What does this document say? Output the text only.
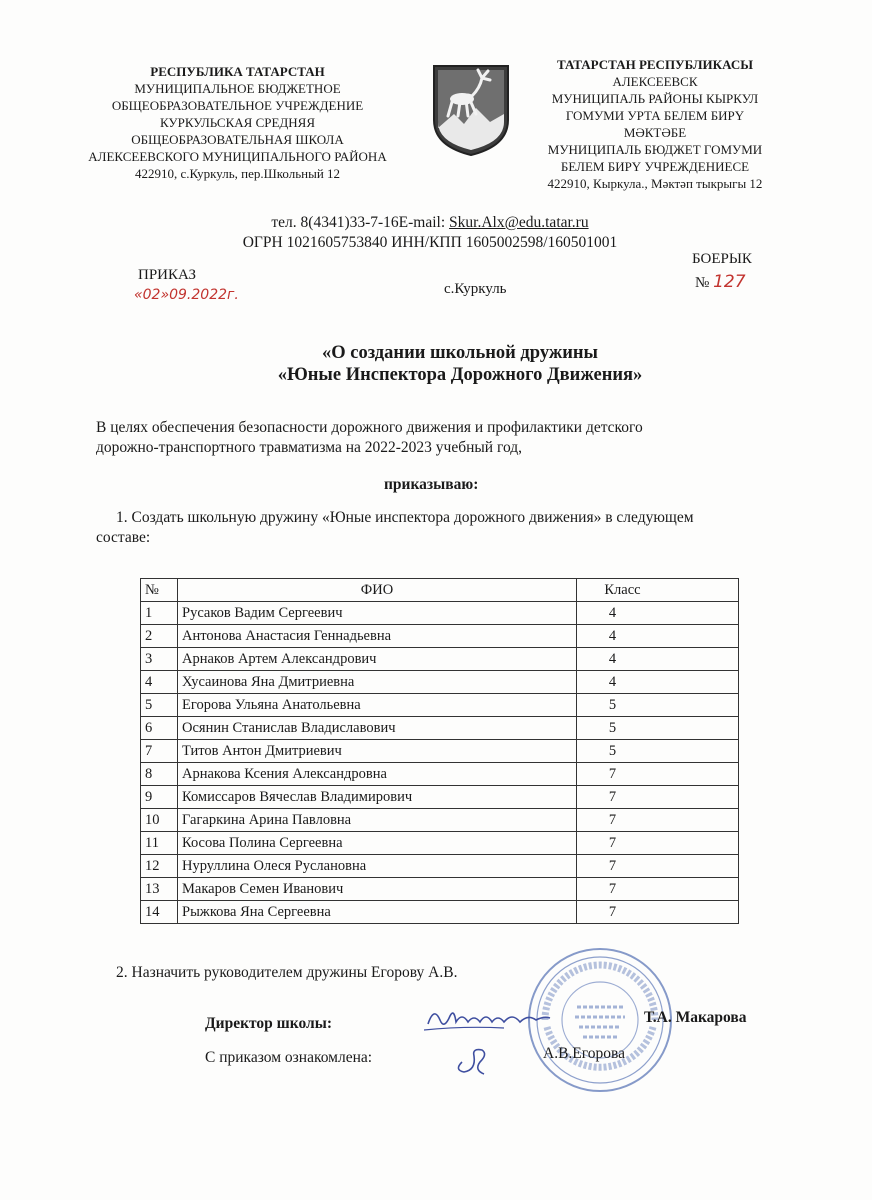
РЕСПУБЛИКА ТАТАРСТАН
МУНИЦИПАЛЬНОЕ БЮДЖЕТНОЕ
ОБЩЕОБРАЗОВАТЕЛЬНОЕ УЧРЕЖДЕНИЕ
КУРКУЛЬСКАЯ СРЕДНЯЯ
ОБЩЕОБРАЗОВАТЕЛЬНАЯ ШКОЛА
АЛЕКСЕЕВСКОГО МУНИЦИПАЛЬНОГО РАЙОНА
422910, с.Куркуль, пер.Школьный 12
ТАТАРСТАН РЕСПУБЛИКАСЫ
АЛЕКСЕЕВСК
МУНИЦИПАЛЬ РАЙОНЫ КЫРКУЛ
ГОМУМИ УРТА БЕЛЕМ БИРҮ
МӘКТӘБЕ
МУНИЦИПАЛЬ БЮДЖЕТ ГОМУМИ
БЕЛЕМ БИРҮ УЧРЕЖДЕНИЕСЕ
422910, Кыркула., Мәктәп тыкрыгы 12
тел. 8(4341)33-7-16E-mail: Skur.Alx@edu.tatar.ru
ОГРН 1021605753840 ИНН/КПП 1605002598/160501001
ПРИКАЗ
БОЕРЫК
«02»09.2022г.	с.Куркуль	№ 127
«О создании школьной дружины
«Юные Инспектора Дорожного Движения»
В целях обеспечения безопасности дорожного движения и профилактики детского
дорожно-транспортного травматизма на 2022-2023 учебный год,
приказываю:
1. Создать школьную дружину «Юные инспектора дорожного движения» в следующем
составе:
№	ФИО	Класс
1	Русаков Вадим Сергеевич	4
2	Антонова Анастасия Геннадьевна	4
3	Арнаков Артем Александрович	4
4	Хусаинова Яна Дмитриевна	4
5	Егорова Ульяна Анатольевна	5
6	Осянин Станислав Владиславович	5
7	Титов Антон Дмитриевич	5
8	Арнакова Ксения Александровна	7
9	Комиссаров Вячеслав Владимирович	7
10	Гагаркина Арина Павловна	7
11	Косова Полина Сергеевна	7
12	Нуруллина Олеся Руслановна	7
13	Макаров Семен Иванович	7
14	Рыжкова Яна Сергеевна	7
2. Назначить руководителем дружины Егорову А.В.
Директор школы:	Т.А. Макарова
С приказом ознакомлена:	А.В.Егорова
